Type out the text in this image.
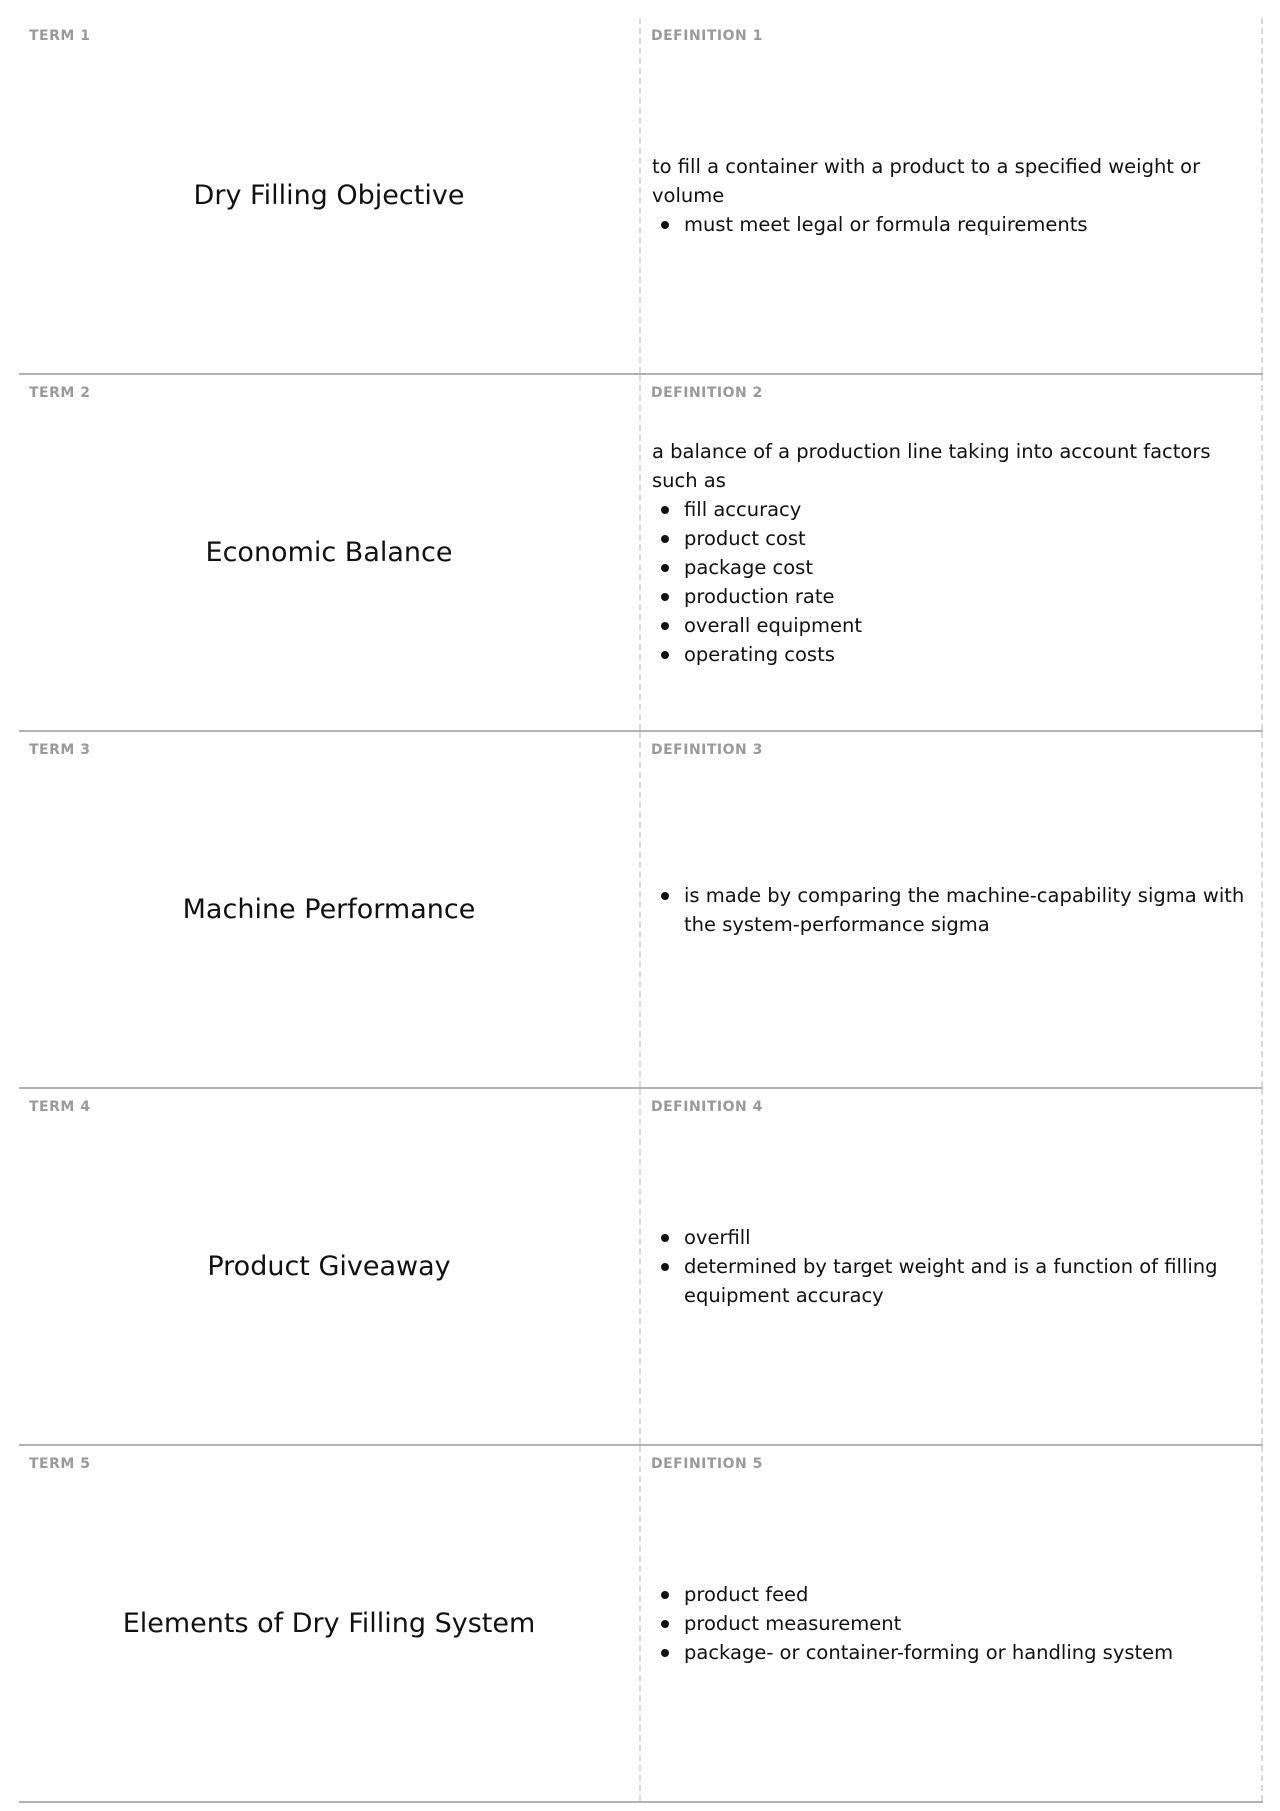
TERM 1
Dry Filling Objective
DEFINITION 1

to fill a container with a product to a specified weight or volume

must meet legal or formula requirements
TERM 2
Economic Balance
DEFINITION 2

a balance of a production line taking into account factors such as

fill accuracy
product cost
package cost
production rate
overall equipment
operating costs
TERM 3
Machine Performance
DEFINITION 3
is made by comparing the machine-capability sigma with the system-performance sigma
TERM 4
Product Giveaway
DEFINITION 4
overfill
determined by target weight and is a function of filling equipment accuracy
TERM 5
Elements of Dry Filling System
DEFINITION 5
product feed
product measurement
package- or container-forming or handling system
